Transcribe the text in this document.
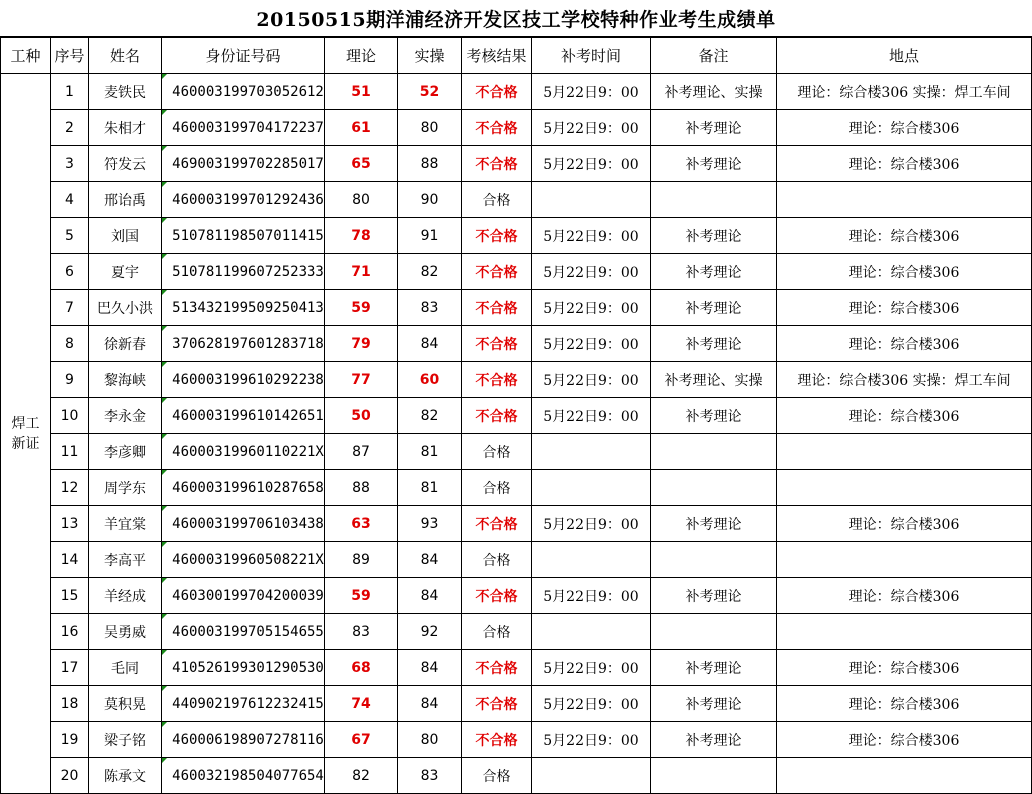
20150515期洋浦经济开发区技工学校特种作业考生成绩单
工种	序号	姓名	身份证号码	理论	实操	考核结果	补考时间	备注	地点

焊工
新证	1	麦铁民	460003199703052612	51	52	不合格	5月22日9：00	补考理论、实操	理论：综合楼306 实操：焊工车间
	2	朱相才	460003199704172237	61	80	不合格	5月22日9：00	补考理论	理论：综合楼306
	3	符发云	469003199702285017	65	88	不合格	5月22日9：00	补考理论	理论：综合楼306
	4	邢诒禹	460003199701292436	80	90	合格			
	5	刘国	510781198507011415	78	91	不合格	5月22日9：00	补考理论	理论：综合楼306
	6	夏宇	510781199607252333	71	82	不合格	5月22日9：00	补考理论	理论：综合楼306
	7	巴久小洪	513432199509250413	59	83	不合格	5月22日9：00	补考理论	理论：综合楼306
	8	徐新春	370628197601283718	79	84	不合格	5月22日9：00	补考理论	理论：综合楼306
	9	黎海峡	460003199610292238	77	60	不合格	5月22日9：00	补考理论、实操	理论：综合楼306 实操：焊工车间
	10	李永金	460003199610142651	50	82	不合格	5月22日9：00	补考理论	理论：综合楼306
	11	李彦卿	46000319960110221X	87	81	合格			
	12	周学东	460003199610287658	88	81	合格			
	13	羊宜棠	460003199706103438	63	93	不合格	5月22日9：00	补考理论	理论：综合楼306
	14	李高平	46000319960508221X	89	84	合格			
	15	羊经成	460300199704200039	59	84	不合格	5月22日9：00	补考理论	理论：综合楼306
	16	吴勇威	460003199705154655	83	92	合格			
	17	毛同	410526199301290530	68	84	不合格	5月22日9：00	补考理论	理论：综合楼306
	18	莫积晃	440902197612232415	74	84	不合格	5月22日9：00	补考理论	理论：综合楼306
	19	梁子铭	460006198907278116	67	80	不合格	5月22日9：00	补考理论	理论：综合楼306
	20	陈承文	460032198504077654	82	83	合格			
